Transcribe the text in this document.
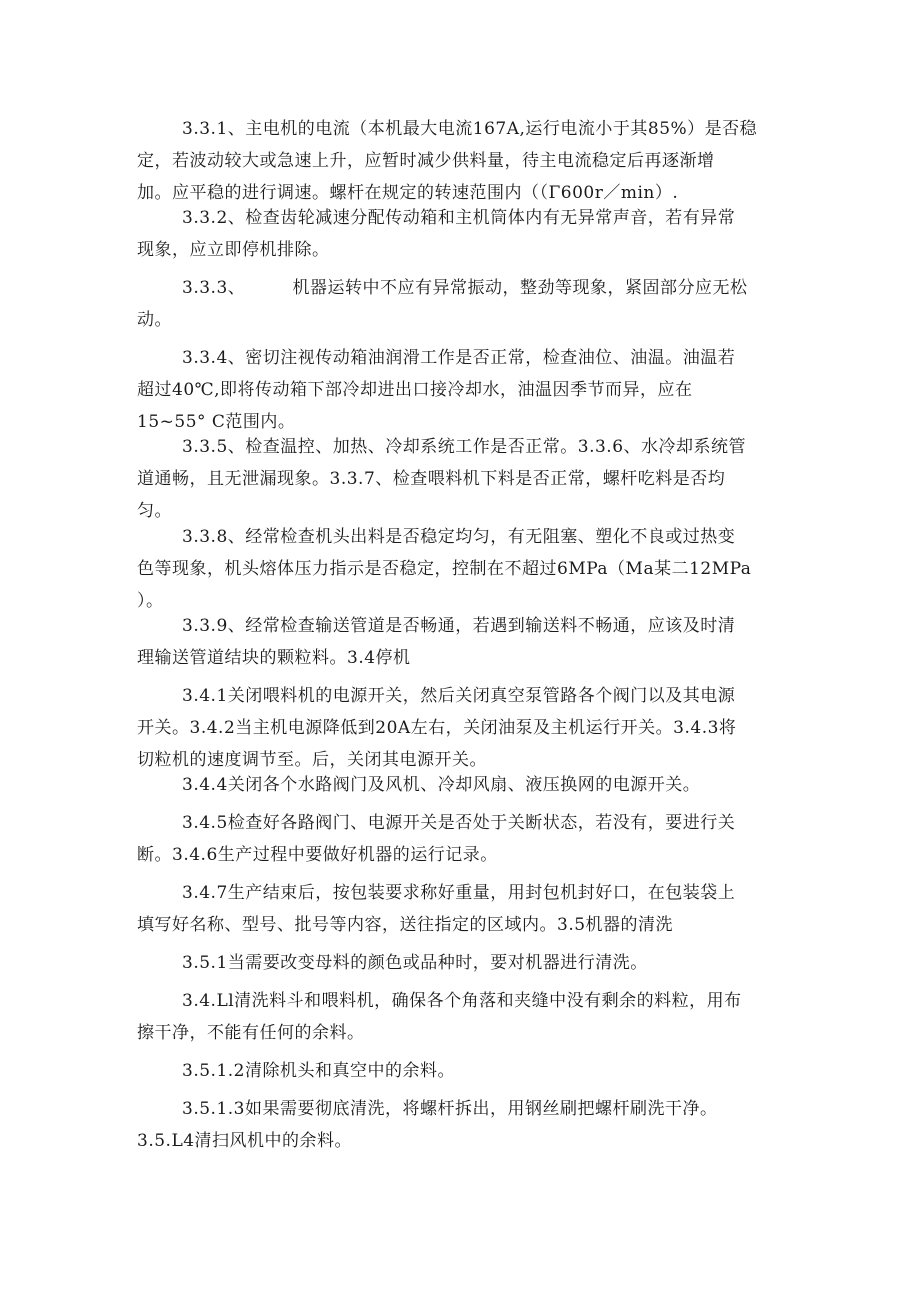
3.3.1、主电机的电流（本机最大电流167A,运行电流小于其85%）是否稳
定，若波动较大或急速上升，应暂时减少供料量，待主电流稳定后再逐渐增
加。应平稳的进行调速。螺杆在规定的转速范围内（（Γ600r／min）.

3.3.2、检查齿轮减速分配传动箱和主机筒体内有无异常声音，若有异常
现象，应立即停机排除。

3.3.3、        机器运转中不应有异常振动，整劲等现象，紧固部分应无松
动。

3.3.4、密切注视传动箱油润滑工作是否正常，检查油位、油温。油温若
超过40℃,即将传动箱下部冷却进出口接冷却水，油温因季节而异，应在
15~55° C范围内。

3.3.5、检查温控、加热、冷却系统工作是否正常。3.3.6、水冷却系统管
道通畅，且无泄漏现象。3.3.7、检查喂料机下料是否正常，螺杆吃料是否均
匀。

3.3.8、经常检查机头出料是否稳定均匀，有无阻塞、塑化不良或过热变
色等现象，机头熔体压力指示是否稳定，控制在不超过6MPa（Ma某二12MPa
）。

3.3.9、经常检查输送管道是否畅通，若遇到输送料不畅通，应该及时清
理输送管道结块的颗粒料。3.4停机

3.4.1关闭喂料机的电源开关，然后关闭真空泵管路各个阀门以及其电源
开关。3.4.2当主机电源降低到20A左右，关闭油泵及主机运行开关。3.4.3将
切粒机的速度调节至。后，关闭其电源开关。

3.4.4关闭各个水路阀门及风机、冷却风扇、液压换网的电源开关。

3.4.5检查好各路阀门、电源开关是否处于关断状态，若没有，要进行关
断。3.4.6生产过程中要做好机器的运行记录。

3.4.7生产结束后，按包装要求称好重量，用封包机封好口，在包装袋上
填写好名称、型号、批号等内容，送往指定的区域内。3.5机器的清洗

3.5.1当需要改变母料的颜色或品种时，要对机器进行清洗。

3.4.Ll清洗料斗和喂料机，确保各个角落和夹缝中没有剩余的料粒，用布
擦干净，不能有任何的余料。

3.5.1.2清除机头和真空中的余料。

3.5.1.3如果需要彻底清洗，将螺杆拆出，用钢丝刷把螺杆刷洗干净。
3.5.L4清扫风机中的余料。
